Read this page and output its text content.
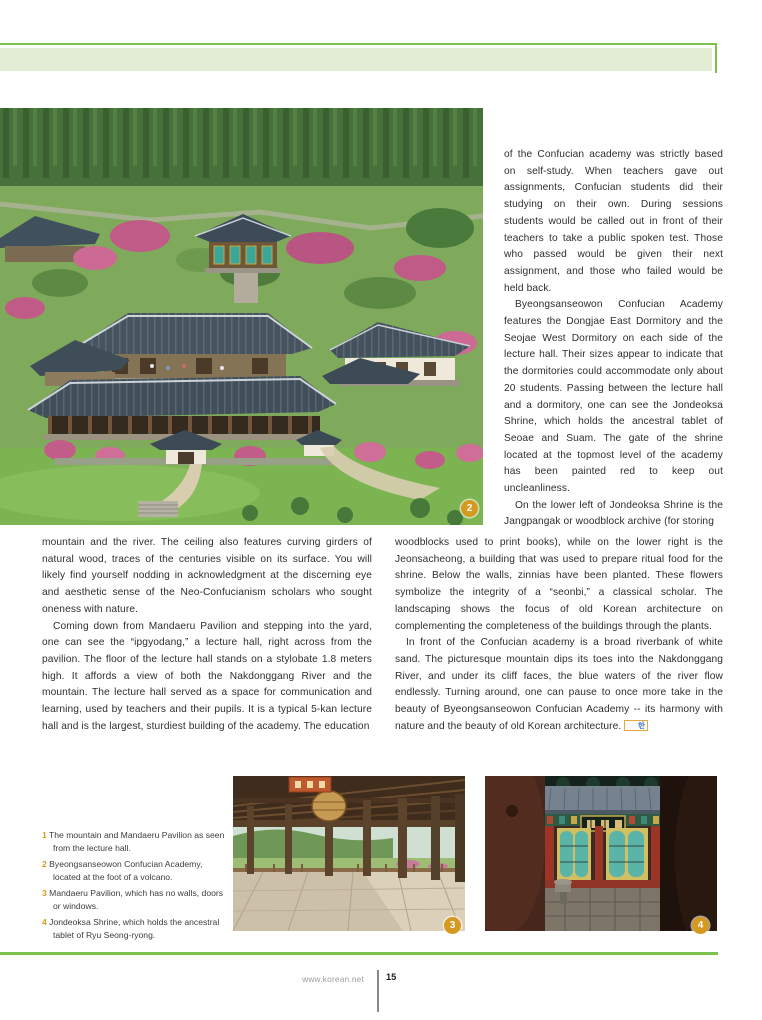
2

of the Confucian academy was strictly based on self-study. When teachers gave out assignments, Confucian students did their studying on their own. During sessions students would be called out in front of their teachers to take a public spoken test. Those who passed would be given their next assignment, and those who failed would be held back.

Byeongsanseowon Confucian Academy features the Dongjae East Dormitory and the Seojae West Dormitory on each side of the lecture hall. Their sizes appear to indicate that the dormitories could accommodate only about 20 students. Passing between the lecture hall and a dormitory, one can see the Jondeoksa Shrine, which holds the ancestral tablet of Seoae and Suam. The gate of the shrine located at the topmost level of the academy has been painted red to keep out uncleanliness.

On the lower left of Jondeoksa Shrine is the Jangpangak or woodblock archive (for storing

mountain and the river. The ceiling also features curving girders of natural wood, traces of the centuries visible on its surface. You will likely find yourself nodding in acknowledgment at the discerning eye and aesthetic sense of the Neo-Confucianism scholars who sought oneness with nature.

Coming down from Mandaeru Pavilion and stepping into the yard, one can see the “ipgyodang,” a lecture hall, right across from the pavilion. The floor of the lecture hall stands on a stylobate 1.8 meters high. It affords a view of both the Nakdonggang River and the mountain. The lecture hall served as a space for communication and learning, used by teachers and their pupils. It is a typical 5-kan lecture hall and is the largest, sturdiest building of the academy. The education

woodblocks used to print books), while on the lower right is the Jeonsacheong, a building that was used to prepare ritual food for the shrine. Below the walls, zinnias have been planted. These flowers symbolize the integrity of a “seonbi,” a classical scholar. The landscaping shows the focus of old Korean architecture on complementing the completeness of the buildings through the plants.

In front of the Confucian academy is a broad riverbank of white sand. The picturesque mountain dips its toes into the Nakdonggang River, and under its cliff faces, the blue waters of the river flow endlessly. Turning around, one can pause to once more take in the beauty of Byeongsanseowon Confucian Academy -- its harmony with nature and the beauty of old Korean architecture. 한

1 The mountain and Mandaeru Pavilion as seen from the lecture hall.

2 Byeongsanseowon Confucian Academy, located at the foot of a volcano.

3 Mandaeru Pavilion, which has no walls, doors or windows.

4 Jondeoksa Shrine, which holds the ancestral tablet of Ryu Seong-ryong.

3	4
www.korean.net 15
